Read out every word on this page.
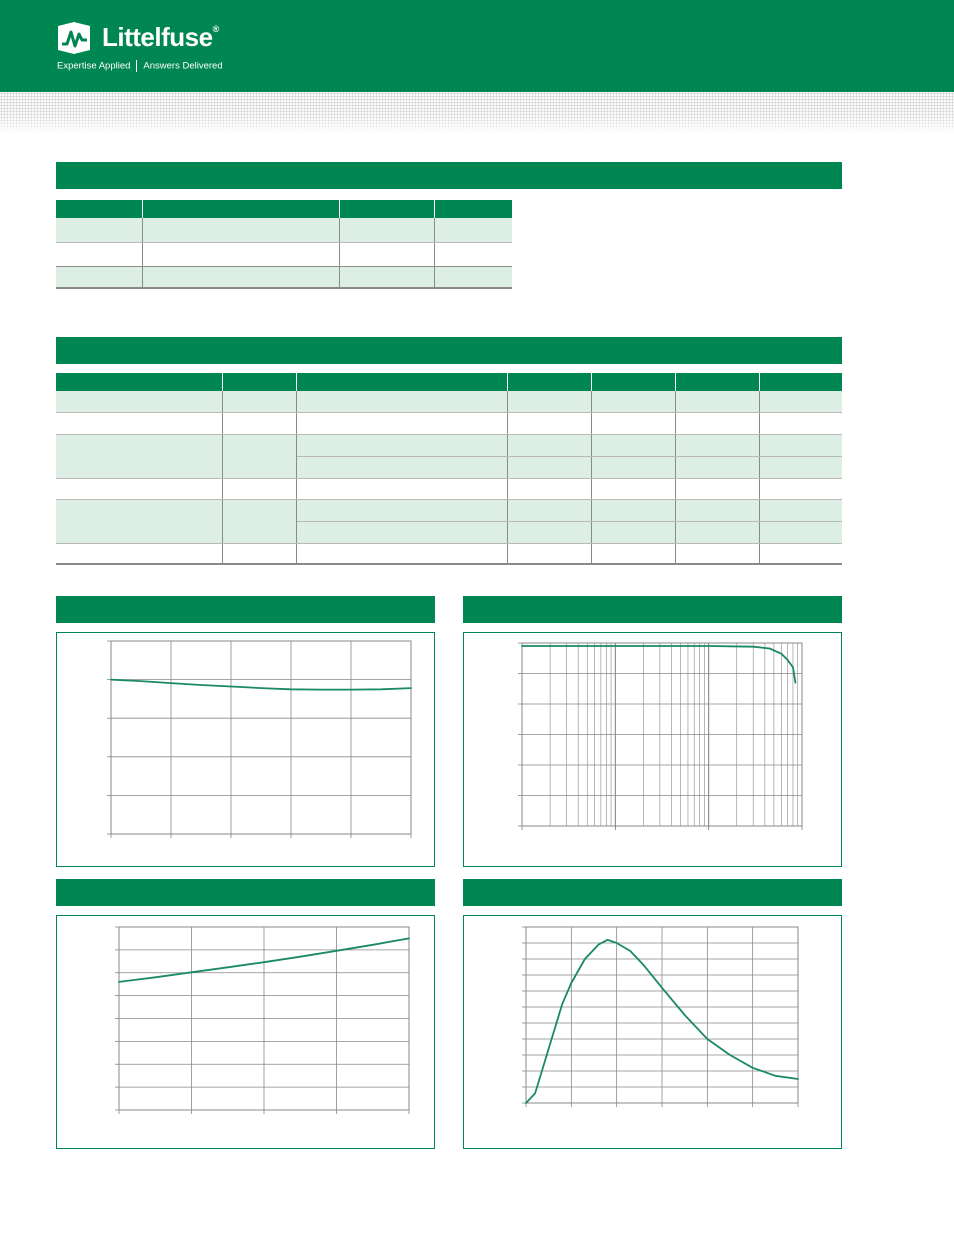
Littelfuse®
Expertise Applied Answers Delivered
